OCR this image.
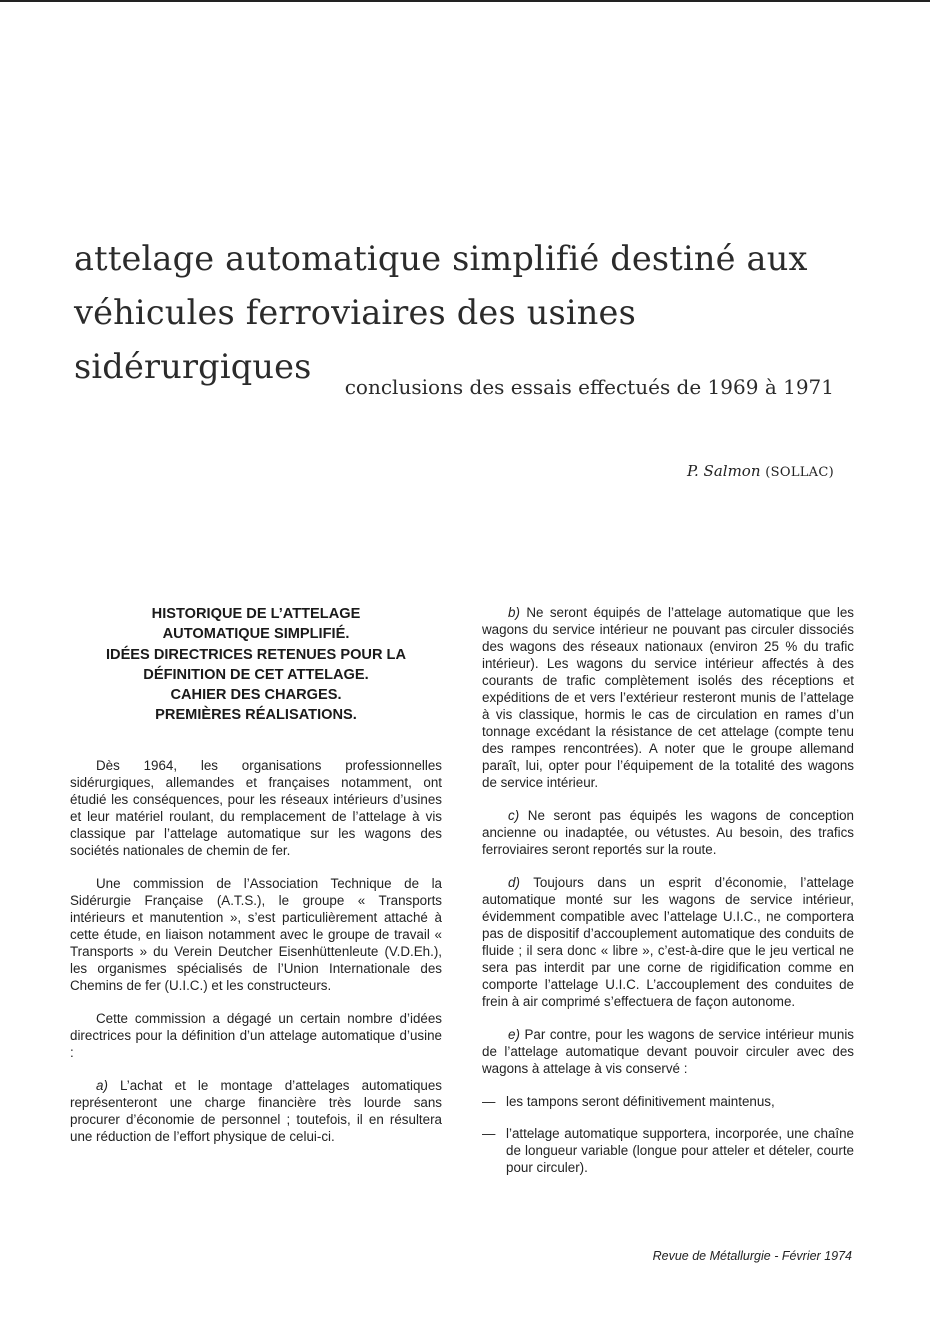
attelage automatique simplifié destiné aux véhicules ferroviaires des usines sidérurgiques
conclusions des essais effectués de 1969 à 1971
P. Salmon (SOLLAC)
HISTORIQUE DE L’ATTELAGE
AUTOMATIQUE SIMPLIFIÉ.
IDÉES DIRECTRICES RETENUES POUR LA
DÉFINITION DE CET ATTELAGE.
CAHIER DES CHARGES.
PREMIÈRES RÉALISATIONS.

Dès 1964, les organisations professionnelles sidérurgiques, allemandes et françaises notamment, ont étudié les conséquences, pour les réseaux intérieurs d’usines et leur matériel roulant, du remplacement de l’attelage à vis classique par l’attelage automatique sur les wagons des sociétés nationales de chemin de fer.

Une commission de l’Association Technique de la Sidérurgie Française (A.T.S.), le groupe « Transports intérieurs et manutention », s’est particulièrement attaché à cette étude, en liaison notamment avec le groupe de travail « Transports » du Verein Deutcher Eisenhüttenleute (V.D.Eh.), les organismes spécialisés de l’Union Internationale des Chemins de fer (U.I.C.) et les constructeurs.

Cette commission a dégagé un certain nombre d’idées directrices pour la définition d’un attelage automatique d’usine :

a) L’achat et le montage d’attelages automatiques représenteront une charge financière très lourde sans procurer d’économie de personnel ; toutefois, il en résultera une réduction de l’effort physique de celui-ci.

b) Ne seront équipés de l’attelage automatique que les wagons du service intérieur ne pouvant pas circuler dissociés des wagons des réseaux nationaux (environ 25 % du trafic intérieur). Les wagons du service intérieur affectés à des courants de trafic complètement isolés des réceptions et expéditions de et vers l’extérieur resteront munis de l’attelage à vis classique, hormis le cas de circulation en rames d’un tonnage excédant la résistance de cet attelage (compte tenu des rampes rencontrées). A noter que le groupe allemand paraît, lui, opter pour l’équipement de la totalité des wagons de service intérieur.

c) Ne seront pas équipés les wagons de conception ancienne ou inadaptée, ou vétustes. Au besoin, des trafics ferroviaires seront reportés sur la route.

d) Toujours dans un esprit d’économie, l’attelage automatique monté sur les wagons de service intérieur, évidemment compatible avec l’attelage U.I.C., ne comportera pas de dispositif d’accouplement automatique des conduits de fluide ; il sera donc « libre », c’est-à-dire que le jeu vertical ne sera pas interdit par une corne de rigidification comme en comporte l’attelage U.I.C. L’accouplement des conduites de frein à air comprimé s’effectuera de façon autonome.

e) Par contre, pour les wagons de service intérieur munis de l’attelage automatique devant pouvoir circuler avec des wagons à attelage à vis conservé :

— les tampons seront définitivement maintenus,
— l’attelage automatique supportera, incorporée, une chaîne de longueur variable (longue pour atteler et dételer, courte pour circuler).
Revue de Métallurgie - Février 1974
